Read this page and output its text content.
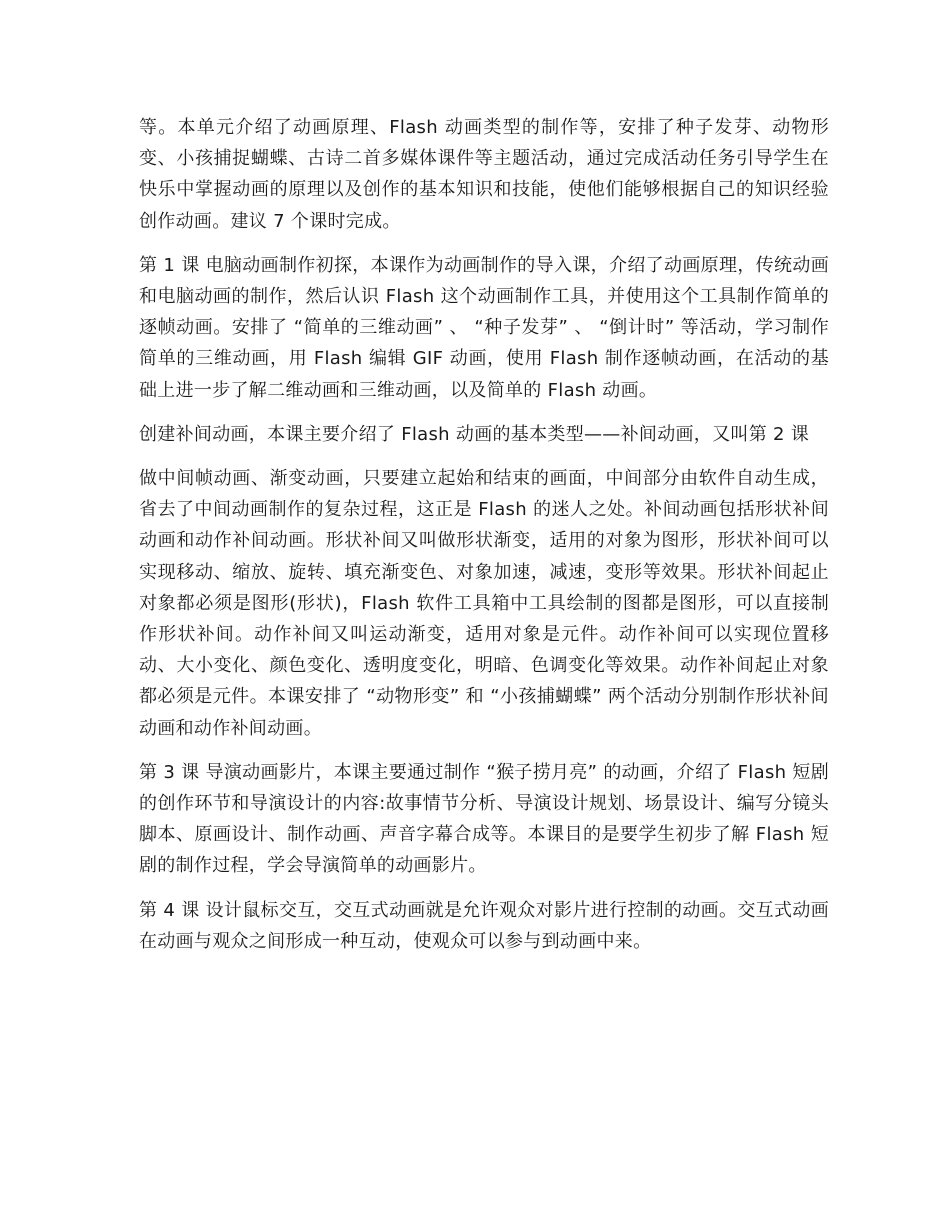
等。本单元介绍了动画原理、Flash 动画类型的制作等，安排了种子发芽、动物形变、小孩捕捉蝴蝶、古诗二首多媒体课件等主题活动，通过完成活动任务引导学生在快乐中掌握动画的原理以及创作的基本知识和技能，使他们能够根据自己的知识经验创作动画。建议 7 个课时完成。

第 1 课 电脑动画制作初探，本课作为动画制作的导入课，介绍了动画原理，传统动画和电脑动画的制作，然后认识 Flash 这个动画制作工具，并使用这个工具制作简单的逐帧动画。安排了 “简单的三维动画” 、 “种子发芽” 、 “倒计时” 等活动，学习制作简单的三维动画，用 Flash 编辑 GIF 动画，使用 Flash 制作逐帧动画，在活动的基础上进一步了解二维动画和三维动画，以及简单的 Flash 动画。

创建补间动画，本课主要介绍了 Flash 动画的基本类型——补间动画，又叫第 2 课

做中间帧动画、渐变动画，只要建立起始和结束的画面，中间部分由软件自动生成，省去了中间动画制作的复杂过程，这正是 Flash 的迷人之处。补间动画包括形状补间动画和动作补间动画。形状补间又叫做形状渐变，适用的对象为图形，形状补间可以实现移动、缩放、旋转、填充渐变色、对象加速，减速，变形等效果。形状补间起止对象都必须是图形(形状)，Flash 软件工具箱中工具绘制的图都是图形，可以直接制作形状补间。动作补间又叫运动渐变，适用对象是元件。动作补间可以实现位置移动、大小变化、颜色变化、透明度变化，明暗、色调变化等效果。动作补间起止对象都必须是元件。本课安排了 “动物形变” 和 “小孩捕蝴蝶” 两个活动分别制作形状补间动画和动作补间动画。

第 3 课 导演动画影片，本课主要通过制作 “猴子捞月亮” 的动画，介绍了 Flash 短剧的创作环节和导演设计的内容:故事情节分析、导演设计规划、场景设计、编写分镜头脚本、原画设计、制作动画、声音字幕合成等。本课目的是要学生初步了解 Flash 短剧的制作过程，学会导演简单的动画影片。

第 4 课 设计鼠标交互，交互式动画就是允许观众对影片进行控制的动画。交互式动画在动画与观众之间形成一种互动，使观众可以参与到动画中来。
